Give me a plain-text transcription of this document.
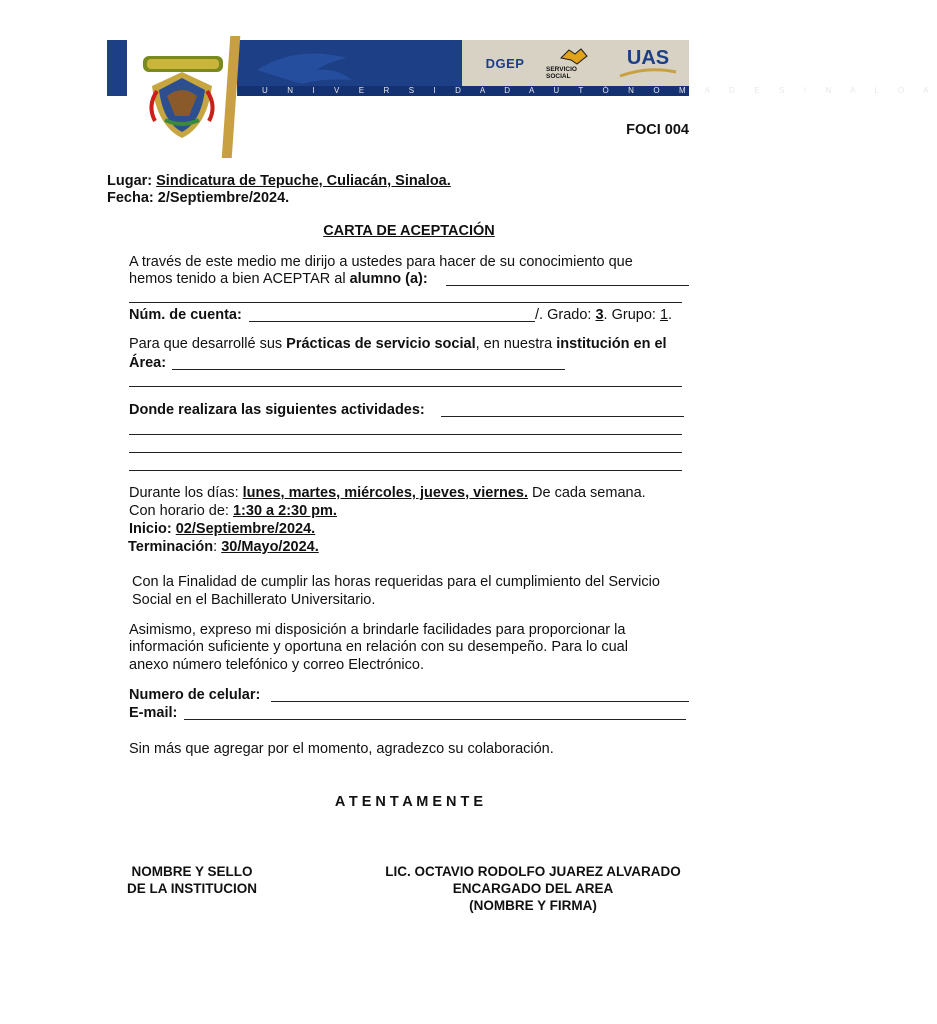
U N I V E R S I D A D A U T Ó N O M A D E S I N A L O A
DGEP	SERVICIO SOCIAL
UAS
FOCI 004
Lugar: Sindicatura de Tepuche, Culiacán, Sinaloa.
Fecha: 2/Septiembre/2024.
CARTA DE ACEPTACIÓN
A través de este medio me dirijo a ustedes para hacer de su conocimiento que
hemos tenido a bien ACEPTAR al alumno (a):
Núm. de cuenta:	/. Grado: 3. Grupo: 1.
Para que desarrollé sus Prácticas de servicio social, en nuestra institución en el
Área:
Donde realizara las siguientes actividades:
Durante los días: lunes, martes, miércoles, jueves, viernes. De cada semana.
Con horario de: 1:30 a 2:30 pm.
Inicio: 02/Septiembre/2024.
Terminación: 30/Mayo/2024.
Con la Finalidad de cumplir las horas requeridas para el cumplimiento del Servicio
Social en el Bachillerato Universitario.
Asimismo, expreso mi disposición a brindarle facilidades para proporcionar la
información suficiente y oportuna en relación con su desempeño. Para lo cual
anexo número telefónico y correo Electrónico.
Numero de celular:
E-mail:
Sin más que agregar por el momento, agradezco su colaboración.
A T E N T A M E N T E
NOMBRE Y SELLO
DE LA INSTITUCION
LIC. OCTAVIO RODOLFO JUAREZ ALVARADO
ENCARGADO DEL AREA
(NOMBRE Y FIRMA)
